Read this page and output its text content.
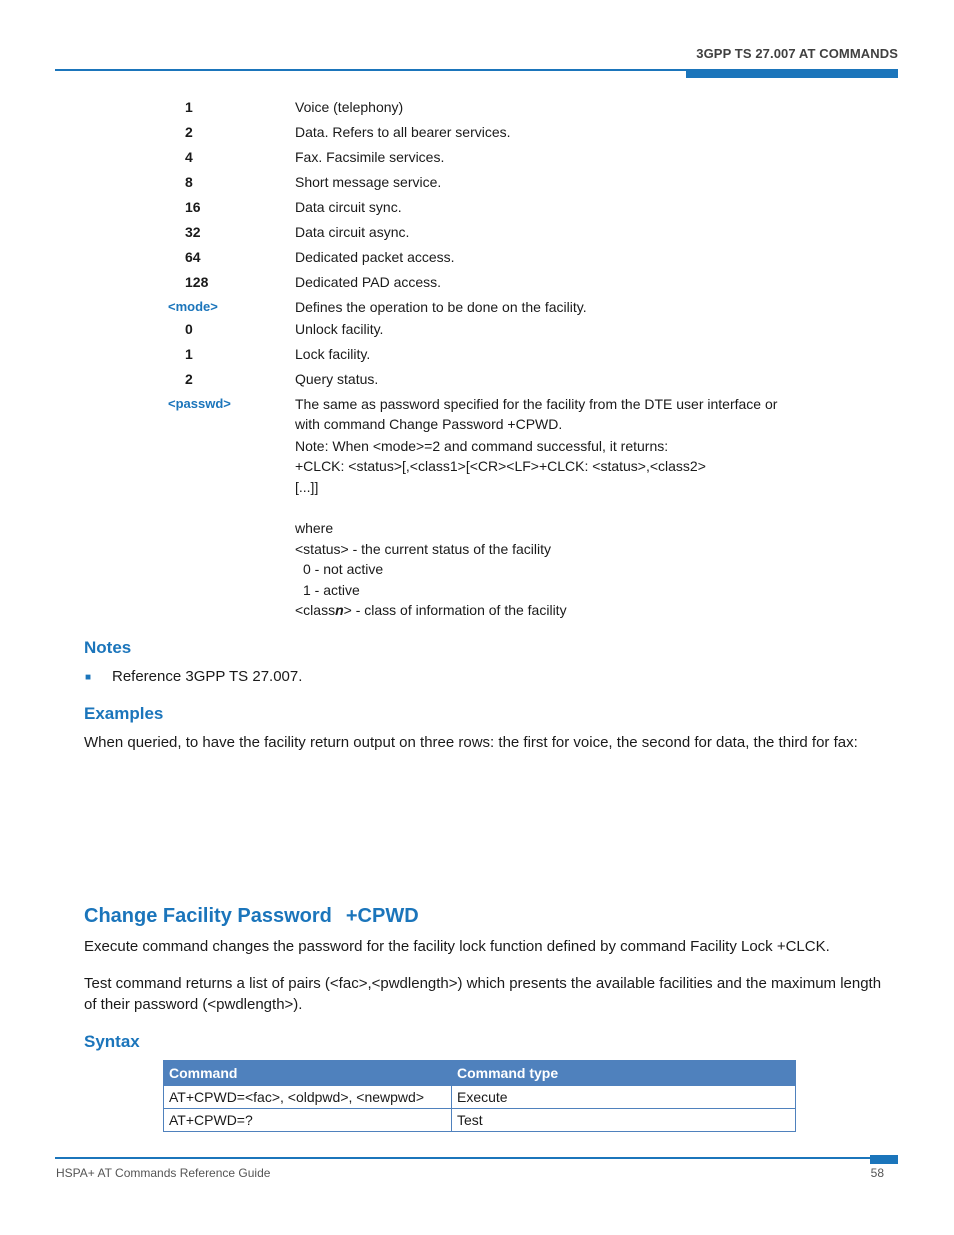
3GPP TS 27.007 AT COMMANDS
1	Voice (telephony)
2	Data. Refers to all bearer services.
4	Fax. Facsimile services.
8	Short message service.
16	Data circuit sync.
32	Data circuit async.
64	Dedicated packet access.
128	Dedicated PAD access.
<mode>	Defines the operation to be done on the facility.
0	Unlock facility.
1	Lock facility.
2	Query status.
<passwd>	The same as password specified for the facility from the DTE user interface or
with command Change Password +CPWD.
Note: When <mode>=2 and command successful, it returns:
+CLCK: <status>[,<class1>[<CR><LF>+CLCK: <status>,<class2>
[...]]
where
<status> - the current status of the facility
0 - not active
1 - active
<classn> - class of information of the facility
Notes
■ Reference 3GPP TS 27.007.
Examples
When queried, to have the facility return output on three rows: the first for voice, the second for data, the third for fax:
Change Facility Password +CPWD
Execute command changes the password for the facility lock function defined by command Facility Lock +CLCK.
Test command returns a list of pairs (<fac>,<pwdlength>) which presents the available facilities and the maximum length of their password (<pwdlength>).
Syntax
Command	Command type
AT+CPWD=<fac>, <oldpwd>, <newpwd>	Execute
AT+CPWD=?	Test
HSPA+ AT Commands Reference Guide	58
